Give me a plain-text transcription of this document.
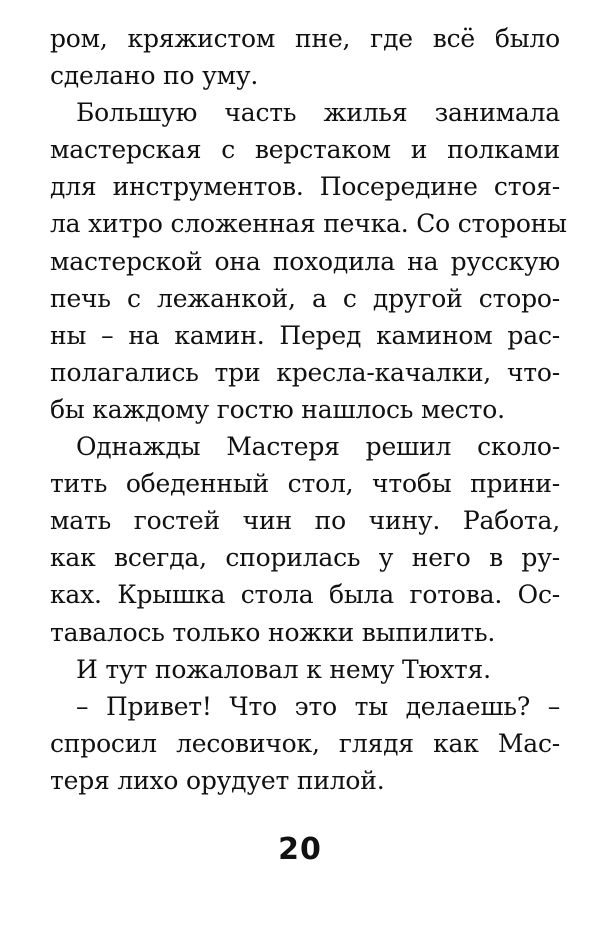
ром, кряжистом пне, где всё было
сделано по уму.
Большую часть жилья занимала
мастерская с верстаком и полками
для инструментов. Посередине стоя-
ла хитро сложенная печка. Со стороны
мастерской она походила на русскую
печь с лежанкой, а с другой сторо-
ны – на камин. Перед камином рас-
полагались три кресла-качалки, что-
бы каждому гостю нашлось место.
Однажды Мастеря решил сколо-
тить обеденный стол, чтобы прини-
мать гостей чин по чину. Работа,
как всегда, спорилась у него в ру-
ках. Крышка стола была готова. Ос-
тавалось только ножки выпилить.
И тут пожаловал к нему Тюхтя.
– Привет! Что это ты делаешь? –
спросил лесовичок, глядя как Мас-
теря лихо орудует пилой.
20
